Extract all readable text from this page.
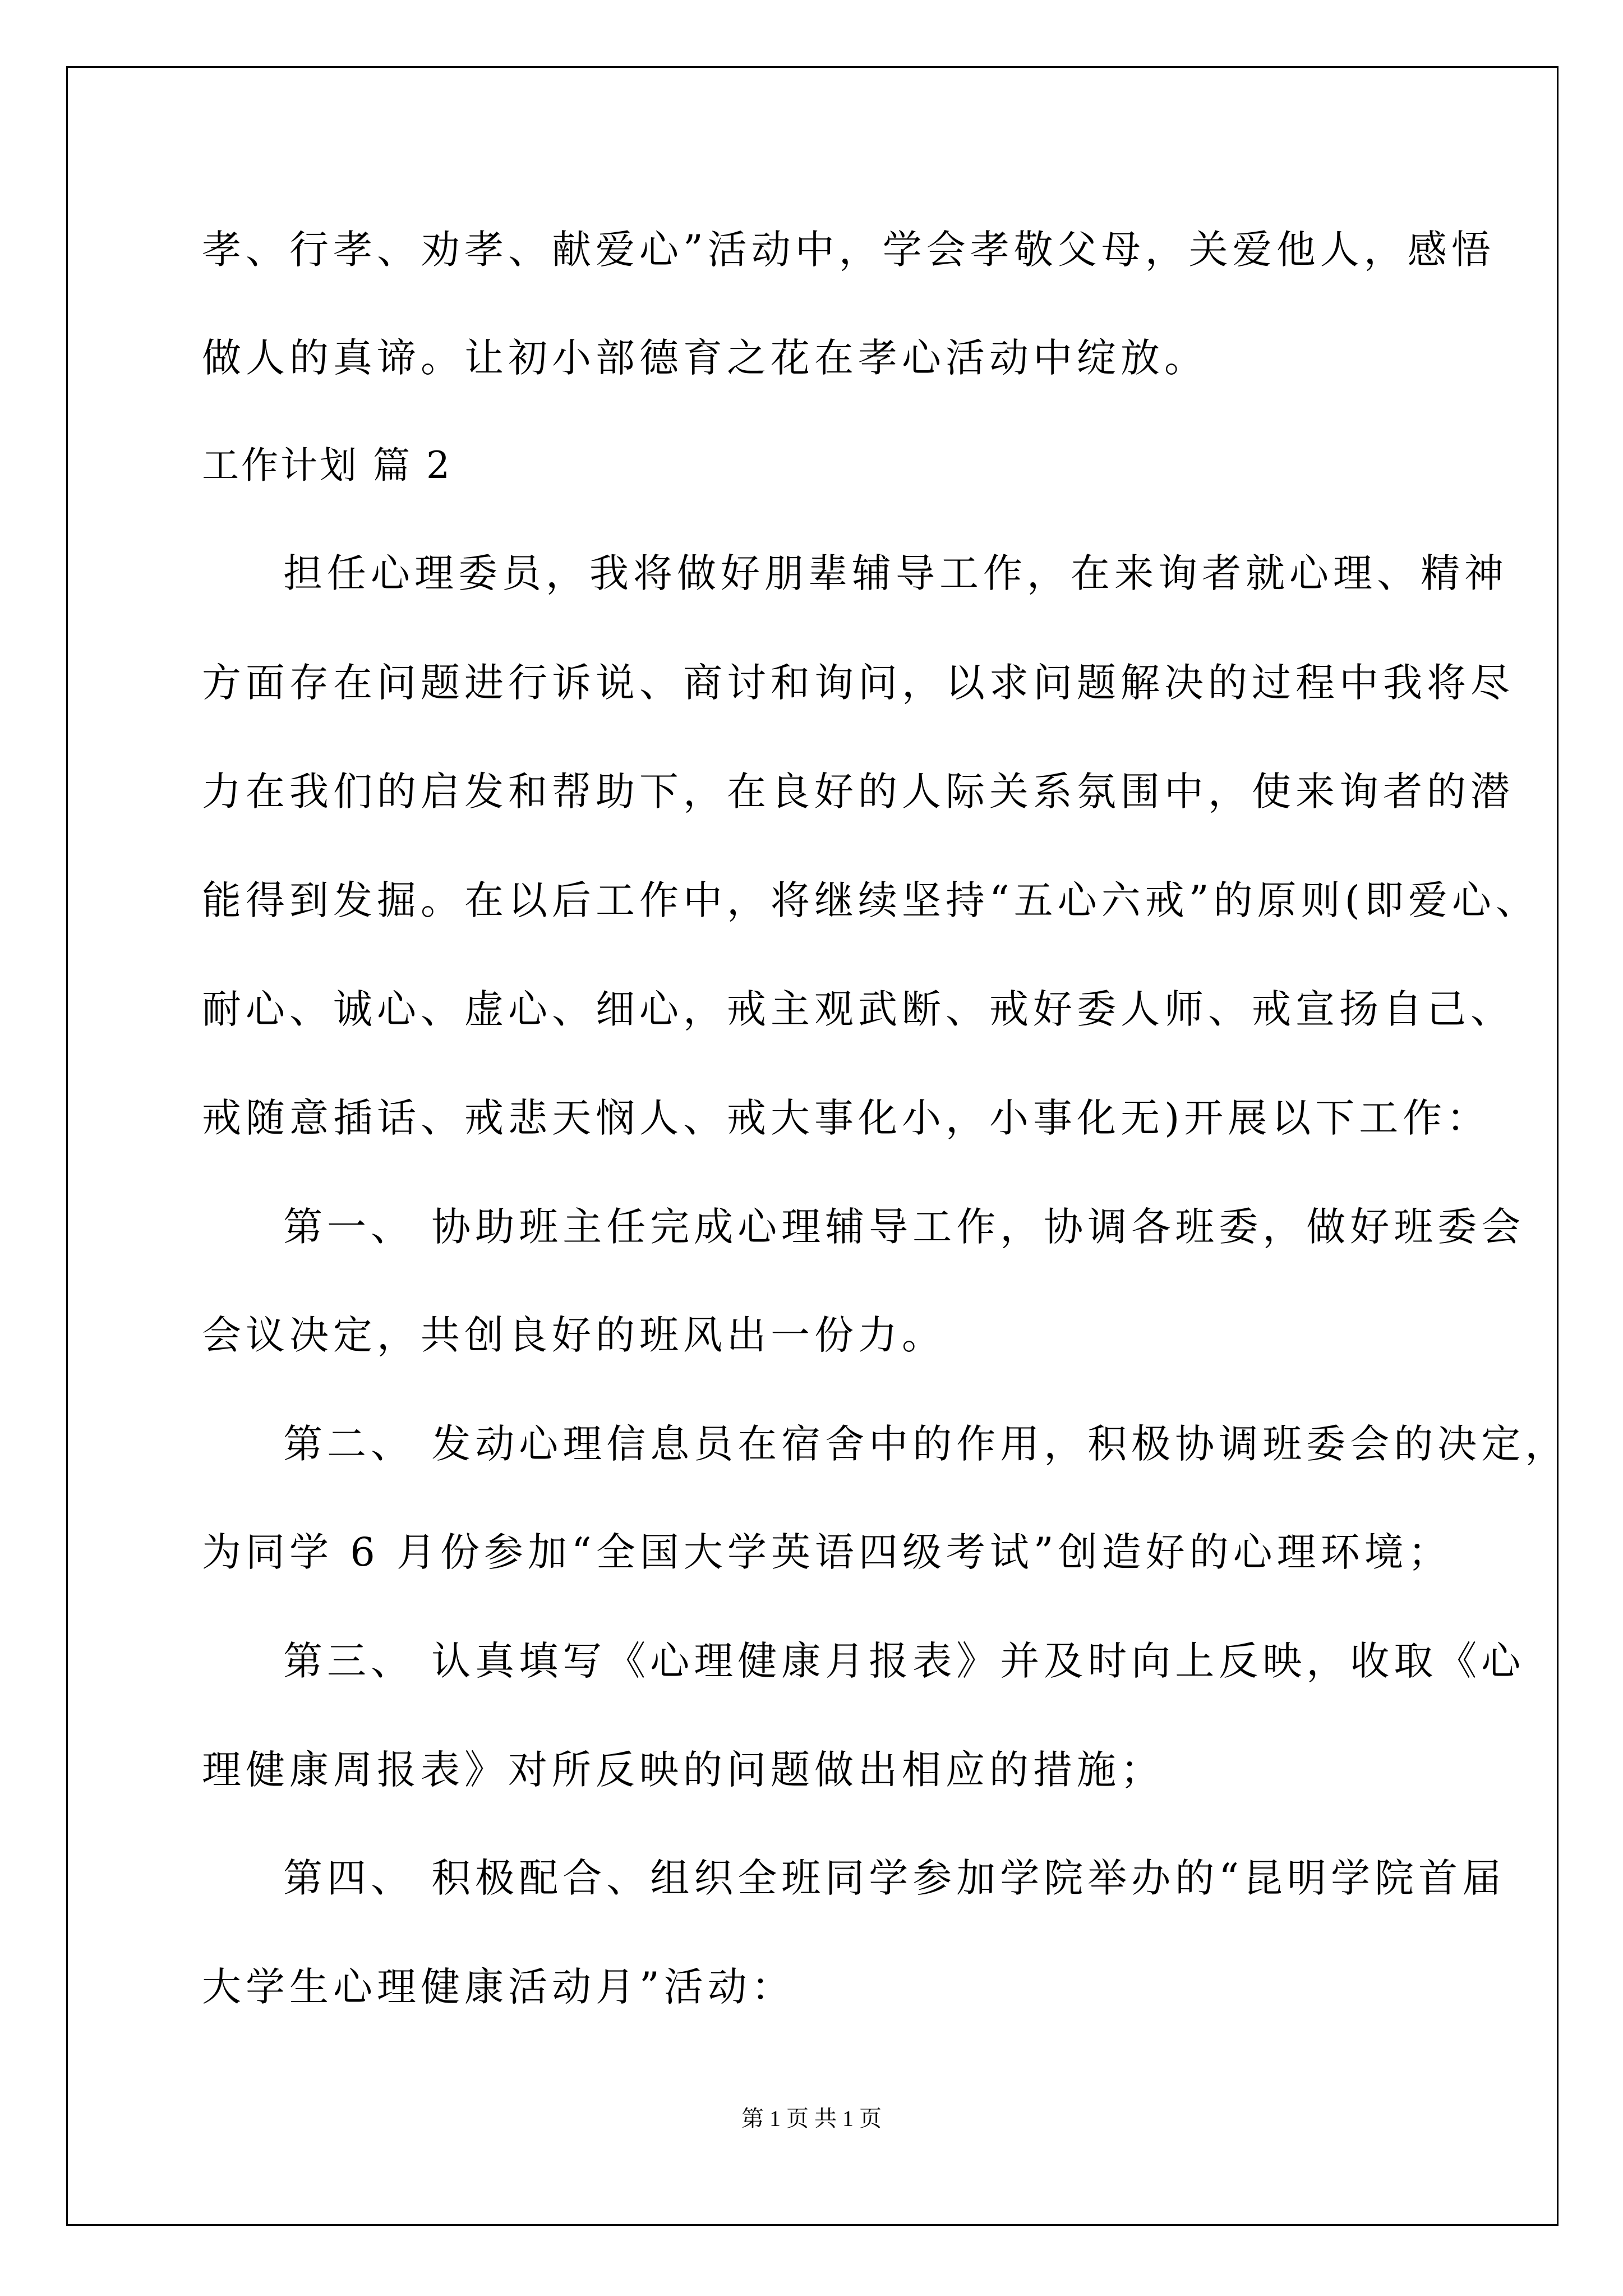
孝、行孝、劝孝、献爱心”活动中，学会孝敬父母，关爱他人，感悟
做人的真谛。让初小部德育之花在孝心活动中绽放。
工作计划 篇 2
担任心理委员，我将做好朋辈辅导工作，在来询者就心理、精神
方面存在问题进行诉说、商讨和询问，以求问题解决的过程中我将尽
力在我们的启发和帮助下，在良好的人际关系氛围中，使来询者的潜
能得到发掘。在以后工作中，将继续坚持“五心六戒”的原则(即爱心、
耐心、诚心、虚心、细心，戒主观武断、戒好委人师、戒宣扬自己、
戒随意插话、戒悲天悯人、戒大事化小，小事化无)开展以下工作：
第一、 协助班主任完成心理辅导工作，协调各班委，做好班委会
会议决定，共创良好的班风出一份力。
第二、 发动心理信息员在宿舍中的作用，积极协调班委会的决定，
为同学 6 月份参加“全国大学英语四级考试”创造好的心理环境；
第三、 认真填写《心理健康月报表》并及时向上反映，收取《心
理健康周报表》对所反映的问题做出相应的措施；
第四、 积极配合、组织全班同学参加学院举办的“昆明学院首届
大学生心理健康活动月”活动：
第 1 页 共 1 页
